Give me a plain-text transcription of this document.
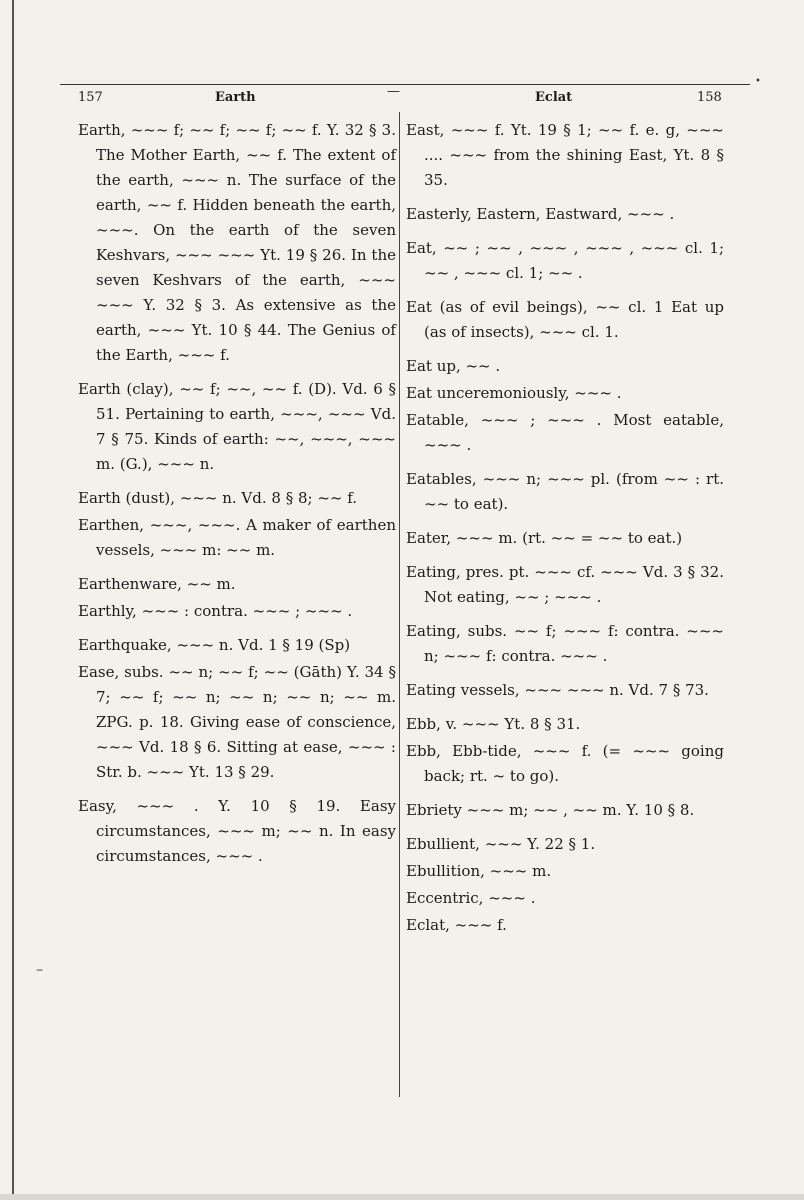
157	Earth	—	Eclat	158

Earth, ~~~ f; ~~ f; ~~ f; ~~ f. Y. 32 § 3. The Mother Earth, ~~ f. The extent of the earth, ~~~ n. The surface of the earth, ~~ f. Hidden beneath the earth, ~~~. On the earth of the seven Keshvars, ~~~ ~~~ Yt. 19 § 26. In the seven Keshvars of the earth, ~~~ ~~~ Y. 32 § 3. As extensive as the earth, ~~~ Yt. 10 § 44. The Genius of the Earth, ~~~ f.

Earth (clay), ~~ f; ~~, ~~ f. (D). Vd. 6 § 51. Pertaining to earth, ~~~, ~~~ Vd. 7 § 75. Kinds of earth: ~~, ~~~, ~~~ m. (G.), ~~~ n.

Earth (dust), ~~~ n. Vd. 8 § 8; ~~ f.

Earthen, ~~~, ~~~. A maker of earthen vessels, ~~~ m: ~~ m.

Earthenware, ~~ m.

Earthly, ~~~ : contra. ~~~ ; ~~~ .

Earthquake, ~~~ n. Vd. 1 § 19 (Sp)

Ease, subs. ~~ n; ~~ f; ~~ (Gāth) Y. 34 § 7; ~~ f; ~~ n; ~~ n; ~~ n; ~~ m. ZPG. p. 18. Giving ease of conscience, ~~~ Vd. 18 § 6. Sitting at ease, ~~~ : Str. b. ~~~ Yt. 13 § 29.

Easy, ~~~ . Y. 10 § 19. Easy circumstances, ~~~ m; ~~ n. In easy circumstances, ~~~ .

East, ~~~ f. Yt. 19 § 1; ~~ f. e. g, ~~~ .... ~~~ from the shining East, Yt. 8 § 35.

Easterly, Eastern, Eastward, ~~~ .

Eat, ~~ ; ~~ , ~~~ , ~~~ , ~~~ cl. 1; ~~ , ~~~ cl. 1; ~~ .

Eat (as of evil beings), ~~ cl. 1 Eat up (as of insects), ~~~ cl. 1.

Eat up, ~~ .

Eat unceremoniously, ~~~ .

Eatable, ~~~ ; ~~~ . Most eatable, ~~~ .

Eatables, ~~~ n; ~~~ pl. (from ~~ : rt. ~~ to eat).

Eater, ~~~ m. (rt. ~~ = ~~ to eat.)

Eating, pres. pt. ~~~ cf. ~~~ Vd. 3 § 32. Not eating, ~~ ; ~~~ .

Eating, subs. ~~ f; ~~~ f: contra. ~~~ n; ~~~ f: contra. ~~~ .

Eating vessels, ~~~ ~~~ n. Vd. 7 § 73.

Ebb, v. ~~~ Yt. 8 § 31.

Ebb, Ebb-tide, ~~~ f. (= ~~~ going back; rt. ~ to go).

Ebriety ~~~ m; ~~ , ~~ m. Y. 10 § 8.

Ebullient, ~~~ Y. 22 § 1.

Ebullition, ~~~ m.

Eccentric, ~~~ .

Eclat, ~~~ f.

–
•
